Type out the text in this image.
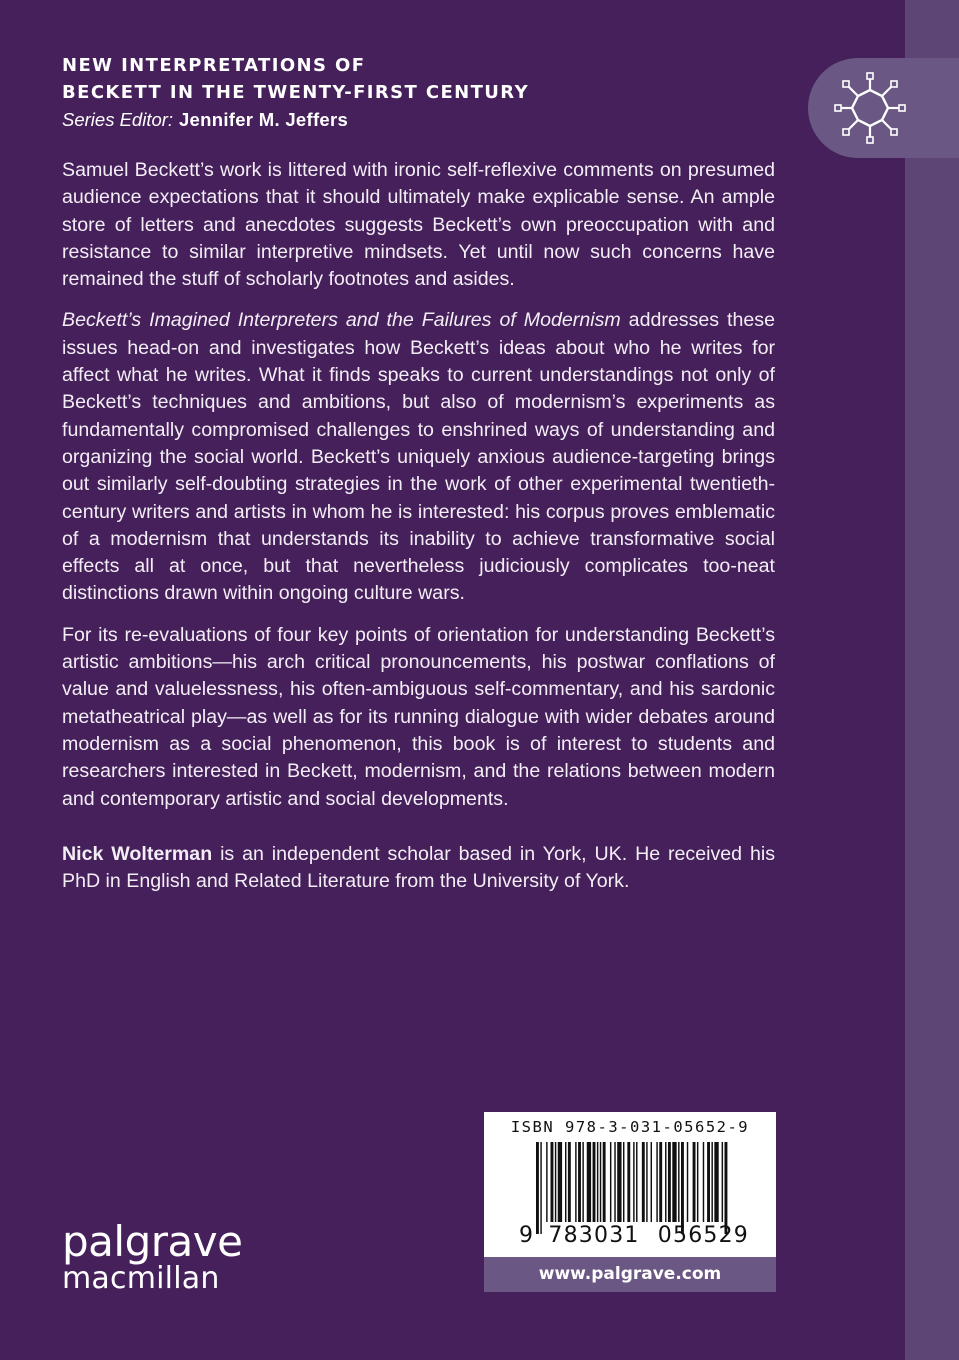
NEW INTERPRETATIONS OF
BECKETT IN THE TWENTY-FIRST CENTURY
Series Editor: Jennifer M. Jeffers

Samuel Beckett’s work is littered with ironic self-reflexive comments on presumed audience expectations that it should ultimately make explicable sense. An ample store of letters and anecdotes suggests Beckett’s own preoccupation with and resistance to similar interpretive mindsets. Yet until now such concerns have remained the stuff of scholarly footnotes and asides.

Beckett’s Imagined Interpreters and the Failures of Modernism addresses these issues head-on and investigates how Beckett’s ideas about who he writes for affect what he writes. What it finds speaks to current understandings not only of Beckett’s techniques and ambitions, but also of modernism’s experiments as fundamentally compromised challenges to enshrined ways of understanding and organizing the social world. Beckett’s uniquely anxious audience-targeting brings out similarly self-doubting strategies in the work of other experimental twentieth-century writers and artists in whom he is interested: his corpus proves emblematic of a modernism that understands its inability to achieve transformative social effects all at once, but that nevertheless judiciously complicates too-neat distinctions drawn within ongoing culture wars.

For its re-evaluations of four key points of orientation for understanding Beckett’s artistic ambitions—his arch critical pronouncements, his postwar conflations of value and valuelessness, his often-ambiguous self-commentary, and his sardonic metatheatrical play—as well as for its running dialogue with wider debates around modernism as a social phenomenon, this book is of interest to students and researchers interested in Beckett, modernism, and the relations between modern and contemporary artistic and social developments.

Nick Wolterman is an independent scholar based in York, UK. He received his PhD in English and Related Literature from the University of York.

palgrave
macmillan
ISBN 978-3-031-05652-9
9 783031 056529
www.palgrave.com
